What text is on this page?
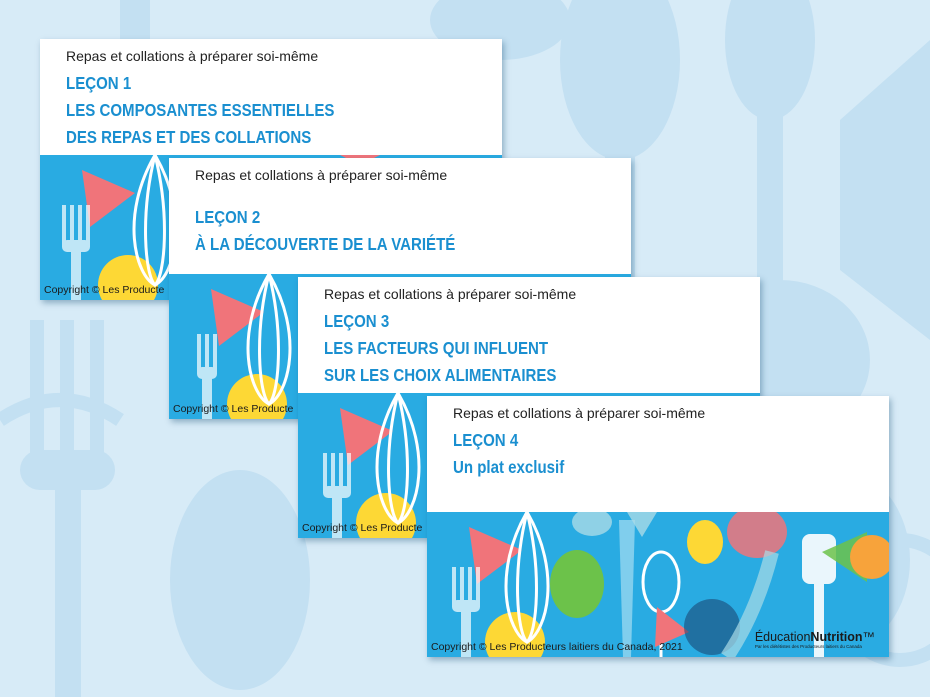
Repas et collations à préparer soi-même
LEÇON 1
LES COMPOSANTES ESSENTIELLES
DES REPAS ET DES COLLATIONS
Copyright © Les Producte
Repas et collations à préparer soi-même
LEÇON 2
À LA DÉCOUVERTE DE LA VARIÉTÉ
Copyright © Les Producte
Repas et collations à préparer soi-même
LEÇON 3
LES FACTEURS QUI INFLUENT
SUR LES CHOIX ALIMENTAIRES
Copyright © Les Producte
Repas et collations à préparer soi-même
LEÇON 4
Un plat exclusif
Copyright © Les Producteurs laitiers du Canada, 2021
ÉducationNutrition™
Par les diététistes des Producteurs laitiers du Canada
